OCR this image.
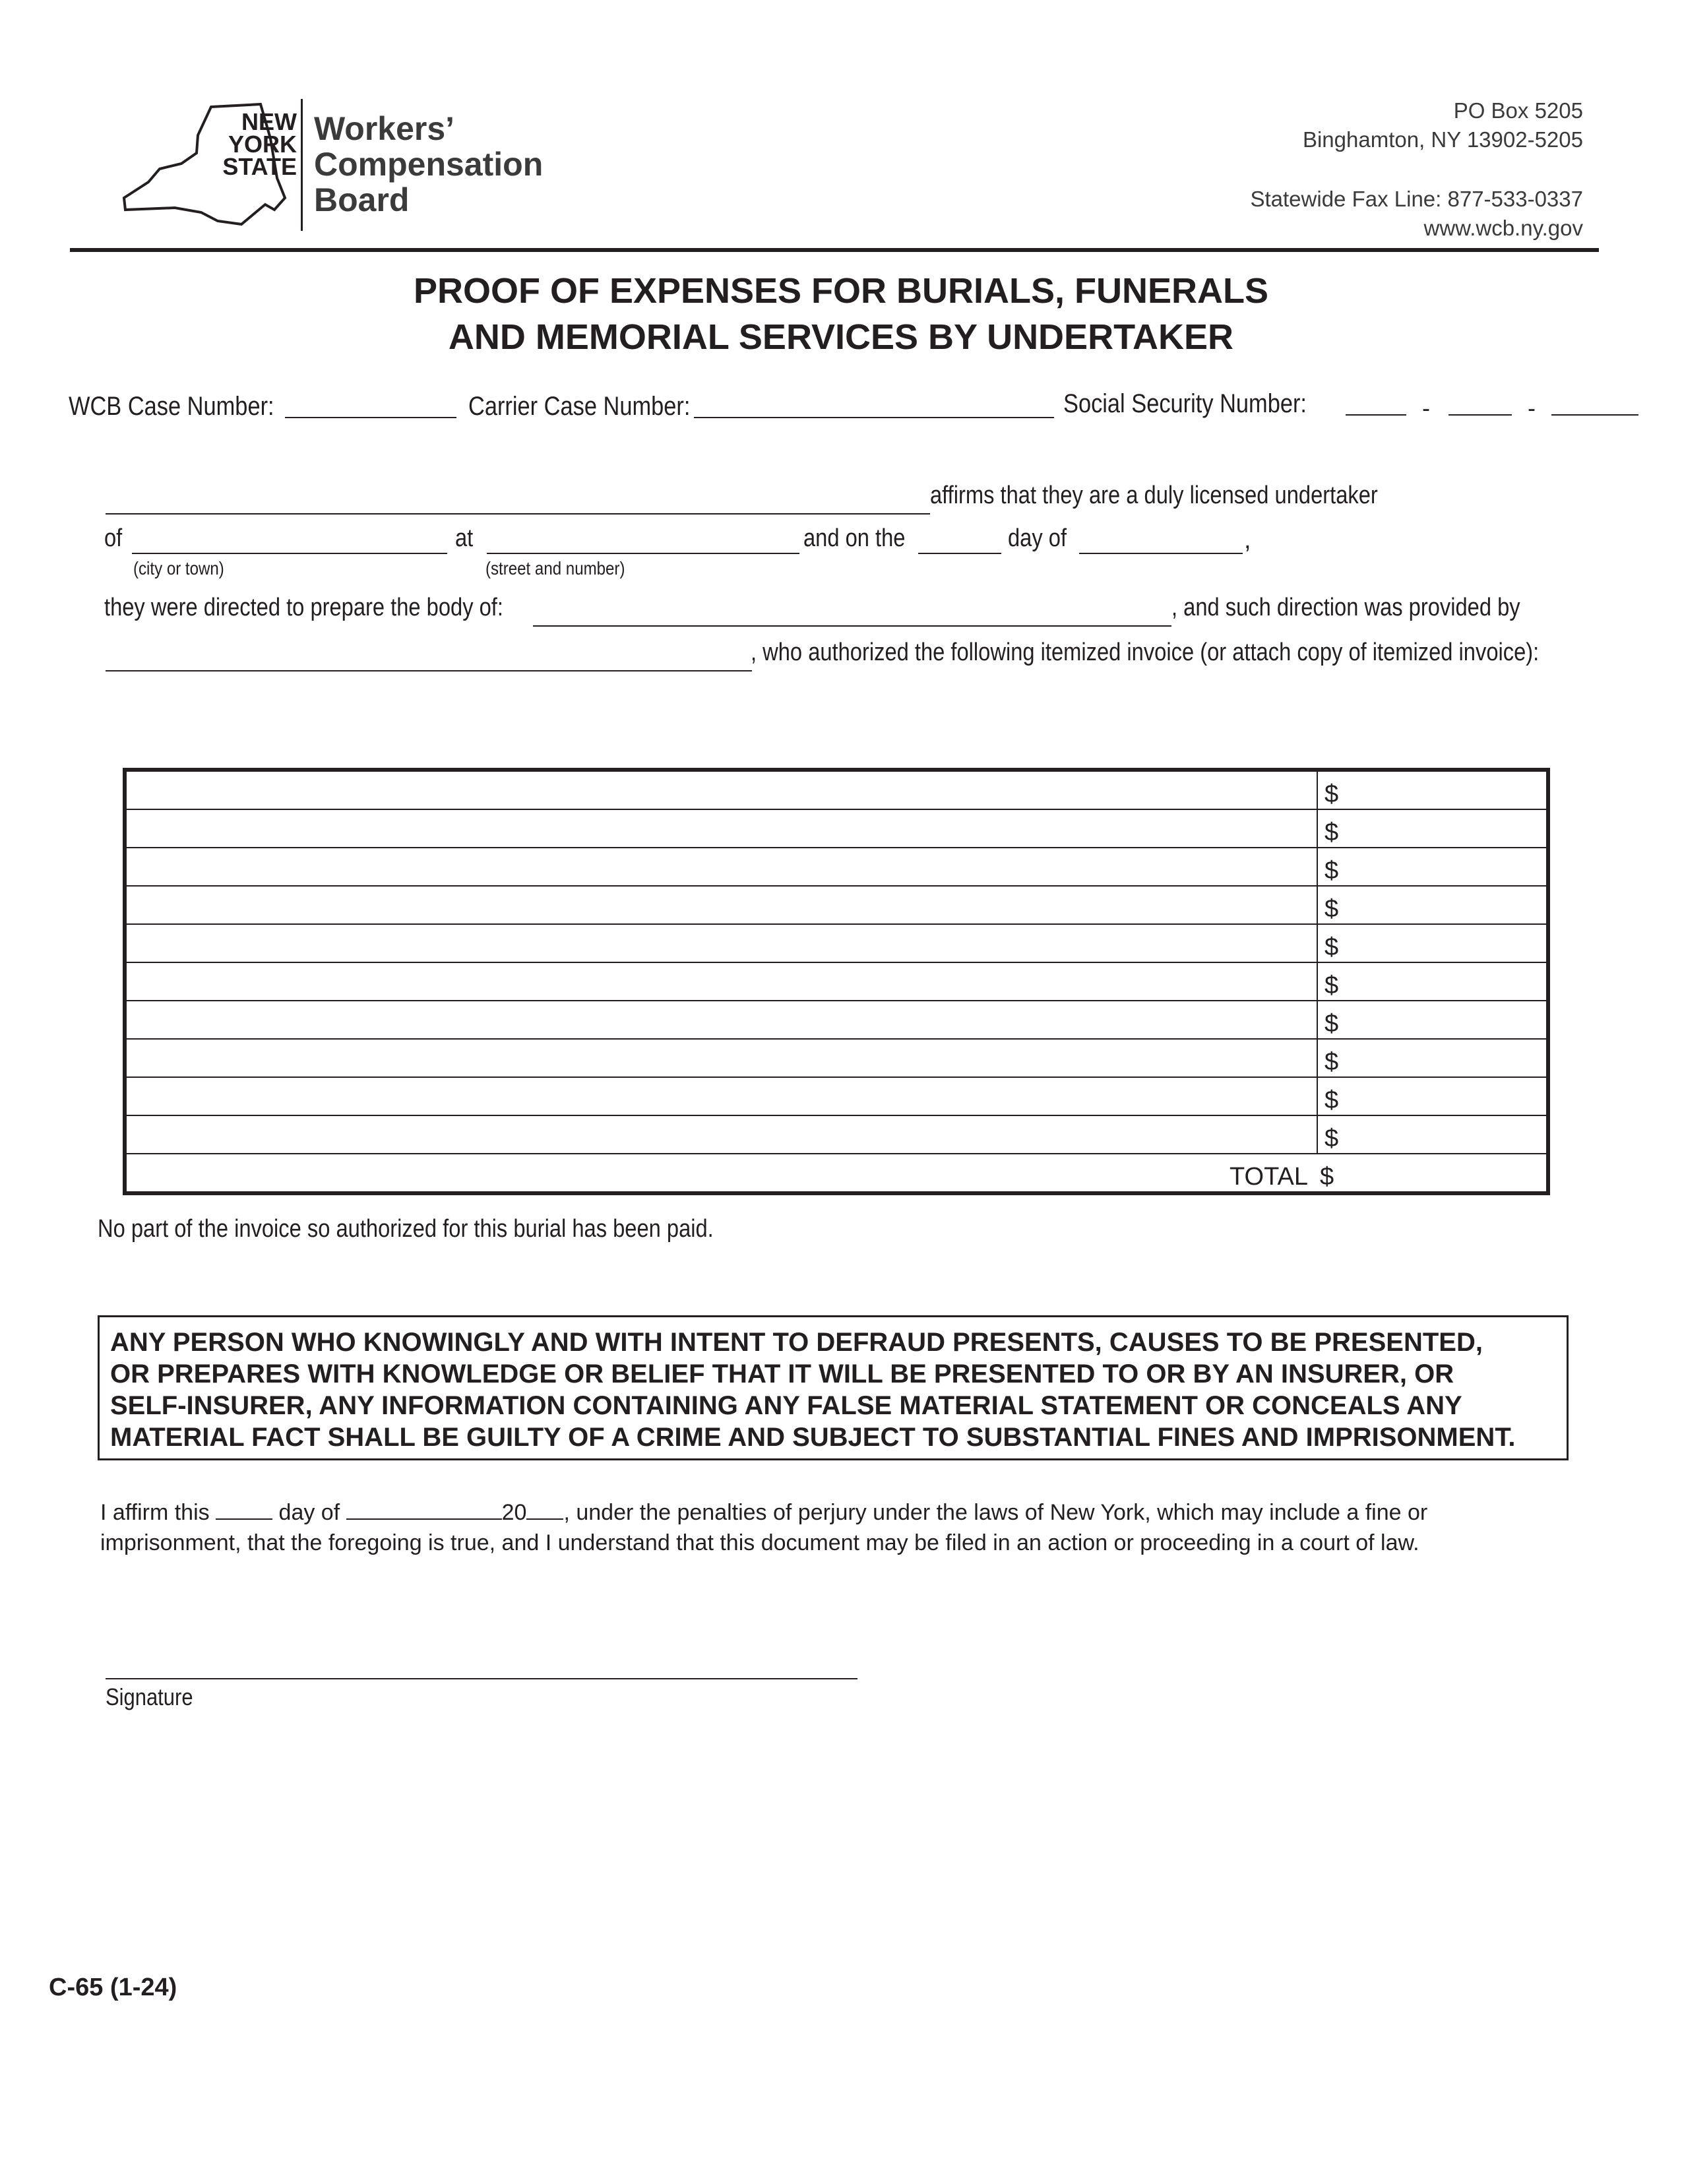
NEW
YORK
STATE
Workers’
Compensation
Board
PO Box 5205
Binghamton, NY 13902-5205
Statewide Fax Line: 877-533-0337
www.wcb.ny.gov
PROOF OF EXPENSES FOR BURIALS, FUNERALS
AND MEMORIAL SERVICES BY UNDERTAKER
WCB Case Number:	Carrier Case Number:	Social Security Number:	-	-
affirms that they are a duly licensed undertaker
of	at	and on the	day of	,
(city or town)	(street and number)
they were directed to prepare the body of:	, and such direction was provided by
, who authorized the following itemized invoice (or attach copy of itemized invoice):
	$
	$
	$
	$
	$
	$
	$
	$
	$
	$
TOTAL	$
No part of the invoice so authorized for this burial has been paid.
ANY PERSON WHO KNOWINGLY AND WITH INTENT TO DEFRAUD PRESENTS, CAUSES TO BE PRESENTED,
OR PREPARES WITH KNOWLEDGE OR BELIEF THAT IT WILL BE PRESENTED TO OR BY AN INSURER, OR
SELF-INSURER, ANY INFORMATION CONTAINING ANY FALSE MATERIAL STATEMENT OR CONCEALS ANY
MATERIAL FACT SHALL BE GUILTY OF A CRIME AND SUBJECT TO SUBSTANTIAL FINES AND IMPRISONMENT.
I affirm this	day of	20 , under the penalties of perjury under the laws of New York, which may include a fine or imprisonment, that the foregoing is true, and I understand that this document may be filed in an action or proceeding in a court of law.
Signature
C-65 (1-24)
